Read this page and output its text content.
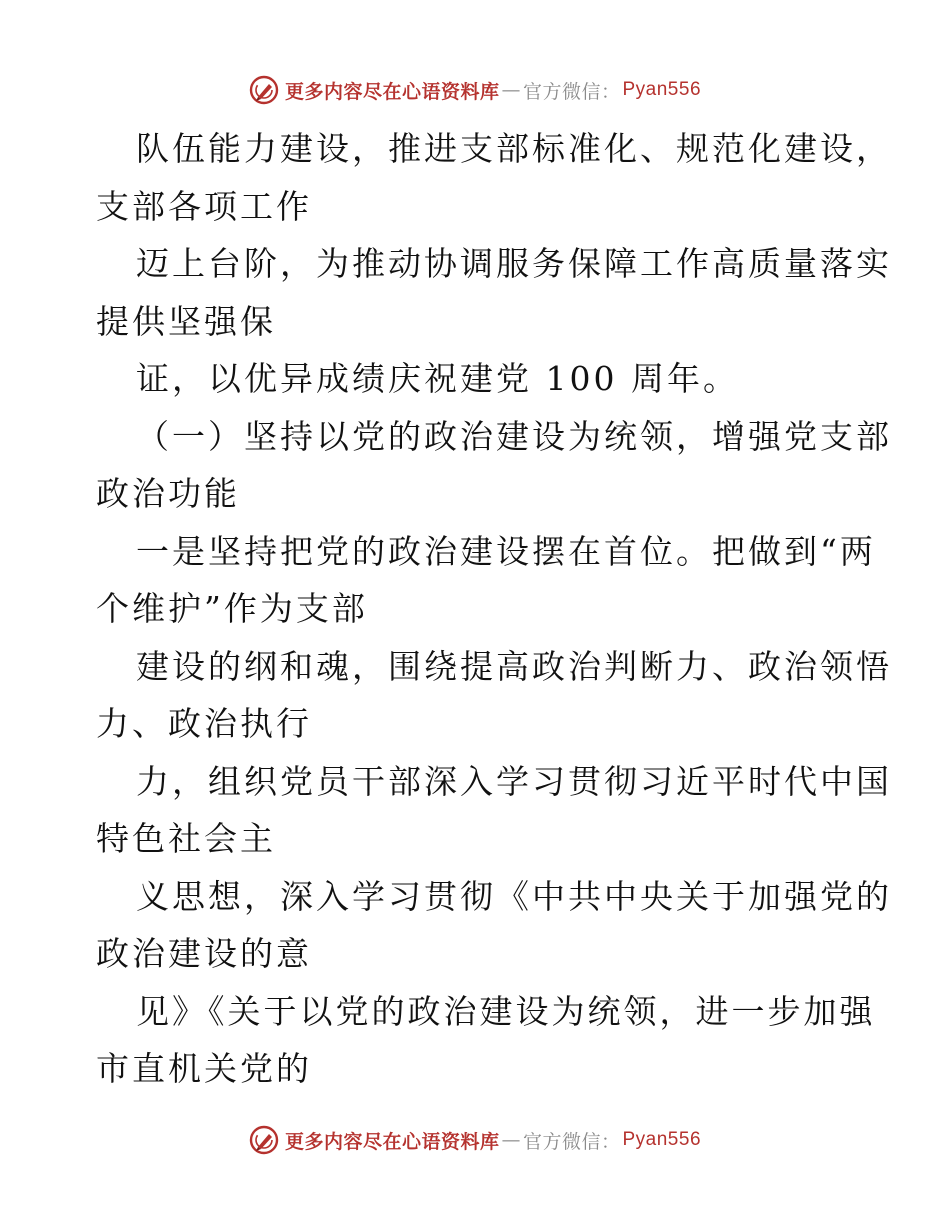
更多内容尽在心语资料库 — 官方微信： Pyan556
队伍能力建设，推进支部标准化、规范化建设，
支部各项工作
迈上台阶，为推动协调服务保障工作高质量落实
提供坚强保
证，以优异成绩庆祝建党 100 周年。
（一）坚持以党的政治建设为统领，增强党支部
政治功能
一是坚持把党的政治建设摆在首位。把做到“两
个维护”作为支部
建设的纲和魂，围绕提高政治判断力、政治领悟
力、政治执行
力，组织党员干部深入学习贯彻习近平时代中国
特色社会主
义思想，深入学习贯彻《中共中央关于加强党的
政治建设的意
见》《关于以党的政治建设为统领，进一步加强
市直机关党的
更多内容尽在心语资料库 — 官方微信： Pyan556
